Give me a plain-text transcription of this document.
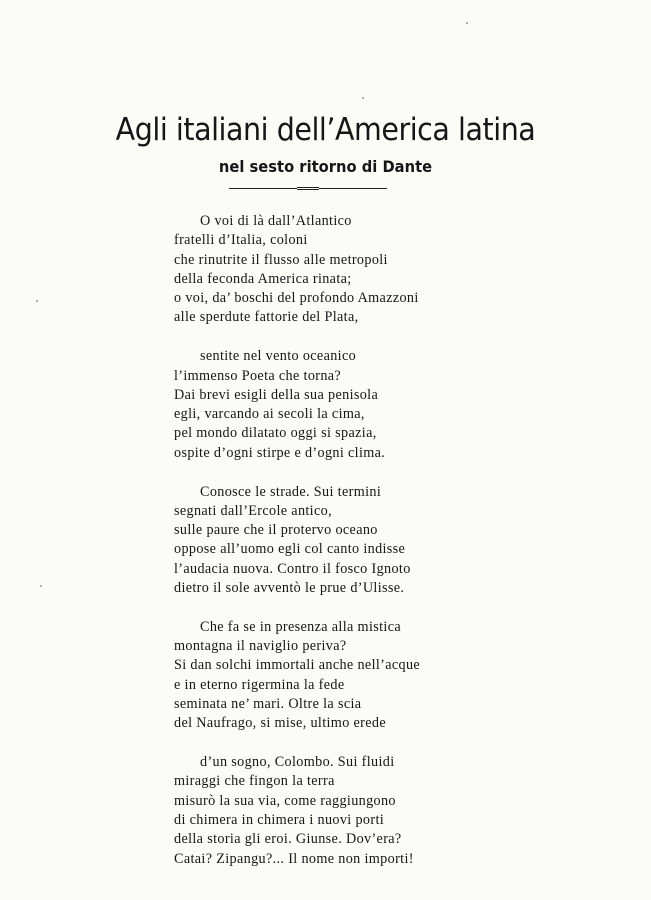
Agli italiani dell’America latina
nel sesto ritorno di Dante
O voi di là dall’Atlantico
fratelli d’Italia, coloni
che rinutrite il flusso alle metropoli
della feconda America rinata;
o voi, da’ boschi del profondo Amazzoni
alle sperdute fattorie del Plata,
sentite nel vento oceanico
l’immenso Poeta che torna?
Dai brevi esigli della sua penisola
egli, varcando ai secoli la cima,
pel mondo dilatato oggi si spazia,
ospite d’ogni stirpe e d’ogni clima.
Conosce le strade. Sui termini
segnati dall’Ercole antico,
sulle paure che il protervo oceano
oppose all’uomo egli col canto indisse
l’audacia nuova. Contro il fosco Ignoto
dietro il sole avventò le prue d’Ulisse.
Che fa se in presenza alla mistica
montagna il naviglio periva?
Si dan solchi immortali anche nell’acque
e in eterno rigermina la fede
seminata ne’ mari. Oltre la scia
del Naufrago, si mise, ultimo erede
d’un sogno, Colombo. Sui fluidi
miraggi che fingon la terra
misurò la sua via, come raggiungono
di chimera in chimera i nuovi porti
della storia gli eroi. Giunse. Dov’era?
Catai? Zipangu?... Il nome non importi!
